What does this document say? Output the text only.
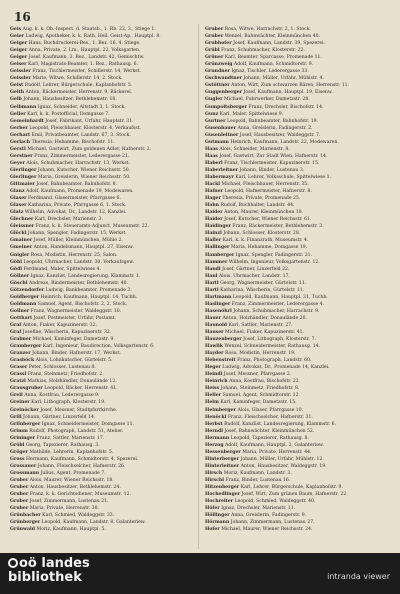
16
Geis Aug. k. k. Ob.-Inspect. d. Staatsb., 1. Rb. 22, 3., Stiege 1.
Geier Ludwig, Apotheker, k. k. Rath, Heil. Geist-Ap., Hauptpl. 8.
Geiger Hans, Buchdruckerei-Bes., 1. Bez. 16, 4. Stiege.
Geiger Anna, Private, 2. Lm., Hauptpl. 22, Volksgarten.
Geiger Josef, Kaufmann, 3. Bez., Landstr. 42, Gemischtw.
Geiser Karl, Magistrats-Beamter, 1. Bez., Rathausg. 6.
Geissler Franz, Tischlermeister, Schillerstr. 14, Werkst.
Geissler Marie, Witwe, Schillerstr. 14, 2. Stock.
Geist Rudolf, Lehrer, Bürgerschule, Kaplanhofstr. 5.
Geith Anton, Bäckermeister, Herrenstr. 9, Bäckerei.
Gelb Johann, Hausbesitzer, Bethlehemstr. 18.
Gelbmann Ignaz, Schneider, Altstadt 3, 1. Stock.
Geller Karl, k. k. Postofficial, Domgasse 7.
Gemeinhardt Josef, Fabrikant, Urfahr, Hauptstr. 31.
Gerber Leopold, Fleischhauer, Klosterstr. 4, Verkaufsst.
Gerhart Emil, Privatbeamter, Landstr. 67, 3. Stock.
Gerlach Theresia, Hebamme, Bischofstr. 11.
Gerstl Michael, Gastwirt, Zum goldenen Adler, Hafnerstr. 2.
Gerstner Franz, Zimmermeister, Lederergasse 21.
Geyer Alois, Schuhmacher, Harrachstr. 13, Werkst.
Gierlinger Johann, Kutscher, Wiener Reichsstr. 50.
Gierlinger Maria, Greislerin, Wiener Reichsstr. 50.
Gittmaier Josef, Bahnbeamter, Bahnhofstr. 8.
Glanz Adolf, Kaufmann, Promenade 19, Modewaren.
Glaser Ferdinand, Glasermeister, Pfarrgasse 6.
Glaser Katharina, Private, Pfarrgasse 6, 1. Stock.
Glatz Wilhelm, Advokat, Dr., Landstr. 12, Kanzlei.
Glechner Karl, Drechsler, Marienstr. 3.
Gleissner Franz, k. k. Steueramts-Adjunct, Museumstr. 22.
Glöckl Johann, Spengler, Fadingerstr. 15, Werkst.
Gmainer Josef, Müller, Kleinmünchen, Mühle 2.
Gmeiner Anton, Handelsmann, Hauptpl. 27, Eisenw.
Gnigler Rosa, Modistin, Herrenstr. 25, Salon.
Göbl Leopold, Uhrmacher, Landstr. 30, Verkaufsgew.
Gödl Ferdinand, Maler, Spittelwiese 4.
Göllner Ignaz, Kanzlist, Landesregierung, Klammstr. 1.
Göschl Andreas, Bindermeister, Bethlehemstr. 40.
Götzendorfer Ludwig, Bankbeamter, Promenade 3.
Goldberger Heinrich, Kaufmann, Hauptpl. 14, Tuchh.
Goldmann Samuel, Agent, Bischofstr. 2, 2. Stock.
Gollner Franz, Wagnermeister, Waldeggstr. 10.
Gotthart Josef, Postmeister, Urfahr, Postamt.
Graf Anton, Fiaker, Kapuzinerstr. 32.
Graf Josefine, Wäscherin, Kapuzinerstr. 32.
Grabner Michael, Kaminfeger, Dametzstr. 9.
Gramberger Karl, Ingenieur, Baudirection, Volksgartenstr. 6.
Granzer Johann, Binder, Hafnerstr. 17, Werkst.
Grasböck Alois, Lohnkutscher, Gürtelstr. 5.
Graser Peter, Schlosser, Lustenau 8.
Grassl Franz, Steinmetz, Friedhofstr. 2.
Gratzl Mathias, Holzhändler, Donaulände 12.
Grausgruber Leopold, Bäcker, Herrenstr. 41.
Greil Anna, Kostfrau, Lederergasse 9.
Greiner Karl, Lithograph, Klosterstr. 19.
Greinöcker Josef, Messner, Stadtpfarrkirche.
Grill Johann, Gärtner, Linzerfeld 14.
Grilnberger Ignaz, Schneidermeister, Domgasse 11.
Grimm Rudolf, Photograph, Landstr. 51, Atelier.
Grininger Franz, Sattler, Marienstr. 17.
Gröbl Georg, Tapezierer, Rathausg. 3.
Gröger Mathilde, Lehrerin, Kaplanhofstr. 5.
Gross Hermann, Kaufmann, Schmidtorstr. 4, Spezerei.
Grossauer Johann, Fleischselcher, Hafnerstr. 26.
Grossmann Julius, Agent, Promenade 7.
Gruber Alois, Maurer, Wiener Reichsstr. 18.
Gruber Anton, Hausbesitzer, Bethlehemstr. 24.
Gruber Franz, k. k. Gerichtsdiener, Museumstr. 12.
Gruber Josef, Zimmermann, Lustenau 21.
Gruber Maria, Private, Herrenstr. 30.
Grünbacher Karl, Schmied, Waldeggstr. 33.
Grünberger Leopold, Kaufmann, Landstr. 8, Galanteriew.
Grünwald Moriz, Kaufmann, Hauptpl. 5.
Gruber Rosa, Witwe, Harrachstr. 2, 1. Stock.
Gruber Wenzel, Bahnwächter, Kleinmünchen 40.
Grubhofer Josef, Kaufmann, Landstr. 39, Spezerei.
Grübl Franz, Schuhmacher, Klosterstr. 22.
Grüner Karl, Beamter, Sparcasse, Promenade 11.
Grünzweig Adolf, Kaufmann, Schmidtorstr. 9.
Grundner Ignaz, Tischler, Lederergasse 33.
Gschwandtner Johann, Müller, Urfahr, Mühlstr. 4.
Gstöttner Anton, Wirt, Zum schwarzen Bären, Herrenstr. 11.
Guggenberger Josef, Kaufmann, Hauptpl. 19, Eisenw.
Gugler Michael, Fuhrwerker, Dametzstr. 28.
Gumpoltsberger Franz, Drechsler, Bischofstr. 14.
Gunz Karl, Maler, Spittelwiese 9.
Gurtner Leopold, Bahnbeamter, Bahnhofstr. 19.
Gusenbauer Anna, Greislerin, Fadingerstr. 2.
Gusenleitner Josef, Hausbesitzer, Waldeggstr. 7.
Gutmann Heinrich, Kaufmann, Landstr. 22, Modewaren.
Haas Alois, Schneider, Marienstr. 8.
Haas Josef, Gastwirt, Zur Stadt Wien, Hafnerstr. 14.
Haberl Franz, Tischlermeister, Kapuzinerstr. 15.
Haberleitner Johann, Binder, Lustenau 3.
Habermayr Karl, Lehrer, Volksschule, Spittelwiese 1.
Hackl Michael, Fleischhauer, Herrenstr. 35.
Hafner Leopold, Hafnermeister, Hafnerstr. 8.
Hager Theresia, Private, Promenade 25.
Hahn Rudolf, Buchhalter, Landstr. 44.
Haider Anton, Maurer, Kleinmünchen 18.
Haider Josef, Kutscher, Wiener Reichsstr. 61.
Haidinger Franz, Bäckermeister, Bethlehemstr. 3.
Hainzl Johann, Schlosser, Klosterstr. 28.
Haller Karl, k. k. Finanzrath, Museumstr. 4.
Hallinger Maria, Hebamme, Domgasse 19.
Hamberger Ignaz, Spengler, Fadingerstr. 21.
Hammer Wilhelm, Ingenieur, Volksgartenstr. 12.
Handl Josef, Gärtner, Linzerfeld 22.
Hanl Alois, Uhrmacher, Landstr. 17.
Hartl Georg, Wagnermeister, Gürtelstr. 11.
Hartl Katharina, Wäscherin, Gürtelstr. 11.
Hartmann Leopold, Kaufmann, Hauptpl. 31, Tuchh.
Haslinger Franz, Zimmermeister, Lederergasse 4.
Hasenöhrl Johann, Schuhmacher, Harrachstr. 9.
Hauer Anton, Holzhändler, Donaulände 20.
Haunold Karl, Sattler, Marienstr. 27.
Hauser Michael, Fiaker, Kapuzinerstr. 41.
Hauzenberger Josef, Lithograph, Klosterstr. 7.
Hawlik Wenzel, Schneidermeister, Rathausg. 14.
Hayder Rosa, Modistin, Herrenstr. 19.
Hebenstreit Franz, Photograph, Landstr. 60.
Heger Ludwig, Advokat, Dr., Promenade 14, Kanzlei.
Heindl Josef, Messner, Pfarrgasse 2.
Heinrich Anna, Kostfrau, Bischofstr. 22.
Heiss Johann, Steinmetz, Friedhofstr. 8.
Heller Samuel, Agent, Schmidtorstr. 12.
Helm Karl, Kaminfeger, Dametzstr. 15.
Helmberger Alois, Glaser, Pfarrgasse 10.
Henöckl Franz, Fleischselcher, Hafnerstr. 31.
Herbst Rudolf, Kanzlist, Landesregierung, Klammstr. 6.
Herndl Josef, Bahnwächter, Kleinmünchen 52.
Hermann Leopold, Tapezierer, Rathausg. 8.
Herzog Adolf, Kaufmann, Hauptpl. 2, Galanteriew.
Hessenberger Maria, Private, Herrenstr. 44.
Hinterberger Johann, Müller, Urfahr, Mühlstr. 12.
Hinterleitner Anton, Hausbesitzer, Waldeggstr. 19.
Hirsch Moriz, Kaufmann, Landstr. 3.
Hirschl Franz, Binder, Lustenau 16.
Hitzenberger Karl, Lehrer, Bürgerschule, Kaplanhofstr. 9.
Hochedlinger Josef, Wirt, Zum grünen Baum, Hafnerstr. 22.
Hochreiter Leopold, Schmied, Waldeggstr. 40.
Höfer Ignaz, Drechsler, Marienstr. 11.
Höllinger Anna, Greislerin, Fadingerstr. 9.
Hörmann Johann, Zimmermann, Lustenau 27.
Hofer Michael, Maurer, Wiener Reichsstr. 24.
oö landes
bibliothek	intranda viewer
